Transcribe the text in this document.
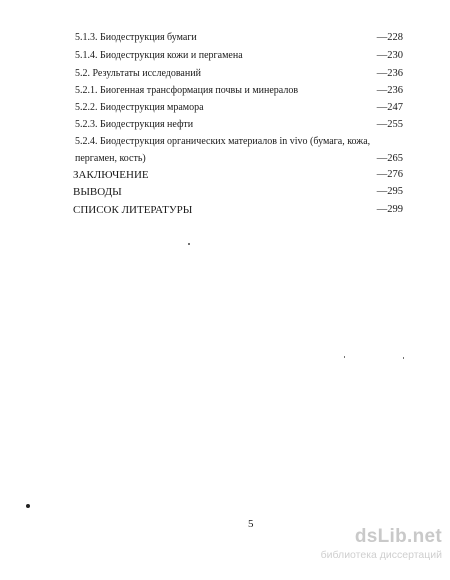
5.1.3. Биодеструкция бумаги	—228
5.1.4. Биодеструкция кожи и пергамена	—230
5.2. Результаты исследований	—236
5.2.1. Биогенная трансформация почвы и минералов	—236
5.2.2. Биодеструкция мрамора	—247
5.2.3. Биодеструкция нефти	—255
5.2.4. Биодеструкция органических материалов in vivo (бумага, кожа,
пергамен, кость)	—265
ЗАКЛЮЧЕНИЕ	—276
ВЫВОДЫ	—295
СПИСОК ЛИТЕРАТУРЫ	—299
5
dsLib.net
библиотека диссертаций
